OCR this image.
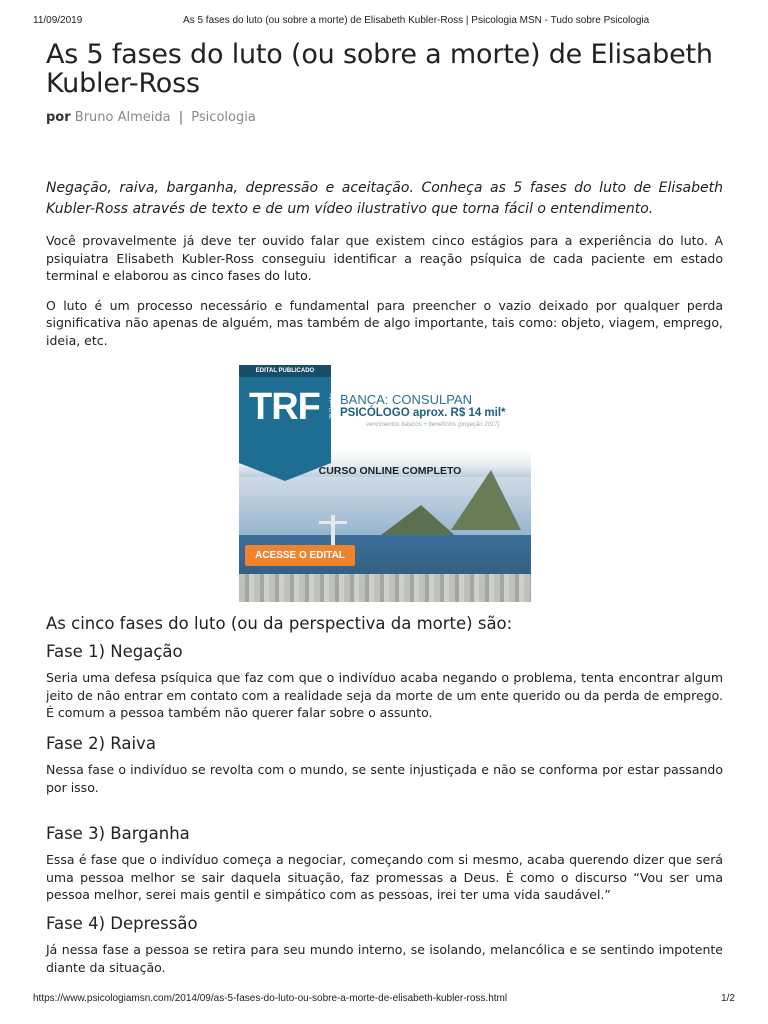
11/09/2019	As 5 fases do luto (ou sobre a morte) de Elisabeth Kubler-Ross | Psicologia MSN - Tudo sobre Psicologia
As 5 fases do luto (ou sobre a morte) de Elisabeth Kubler-Ross
por Bruno Almeida | Psicologia
Negação, raiva, barganha, depressão e aceitação. Conheça as 5 fases do luto de Elisabeth Kubler-Ross através de texto e de um vídeo ilustrativo que torna fácil o entendimento.

Você provavelmente já deve ter ouvido falar que existem cinco estágios para a experiência do luto. A psiquiatra Elisabeth Kubler-Ross conseguiu identificar a reação psíquica de cada paciente em estado terminal e elaborou as cinco fases do luto.

O luto é um processo necessário e fundamental para preencher o vazio deixado por qualquer perda significativa não apenas de alguém, mas também de algo importante, tais como: objeto, viagem, emprego, ideia, etc.

EDITAL PUBLICADO
TRF	2ª Região BANCA: CONSULPAN
PSICÓLOGO aprox. R$ 14 mil*
vencimentos básicos + benefícios (projeção 2017)
CURSO ONLINE COMPLETO
ACESSE O EDITAL
As cinco fases do luto (ou da perspectiva da morte) são:
Fase 1) Negação

Seria uma defesa psíquica que faz com que o indivíduo acaba negando o problema, tenta encontrar algum jeito de não entrar em contato com a realidade seja da morte de um ente querido ou da perda de emprego. É comum a pessoa também não querer falar sobre o assunto.

Fase 2) Raiva

Nessa fase o indivíduo se revolta com o mundo, se sente injustiçada e não se conforma por estar passando por isso.

Fase 3) Barganha

Essa é fase que o indivíduo começa a negociar, começando com si mesmo, acaba querendo dizer que será uma pessoa melhor se sair daquela situação, faz promessas a Deus. É como o discurso “Vou ser uma pessoa melhor, serei mais gentil e simpático com as pessoas, irei ter uma vida saudável.”

Fase 4) Depressão

Já nessa fase a pessoa se retira para seu mundo interno, se isolando, melancólica e se sentindo impotente diante da situação.

https://www.psicologiamsn.com/2014/09/as-5-fases-do-luto-ou-sobre-a-morte-de-elisabeth-kubler-ross.html	1/2
